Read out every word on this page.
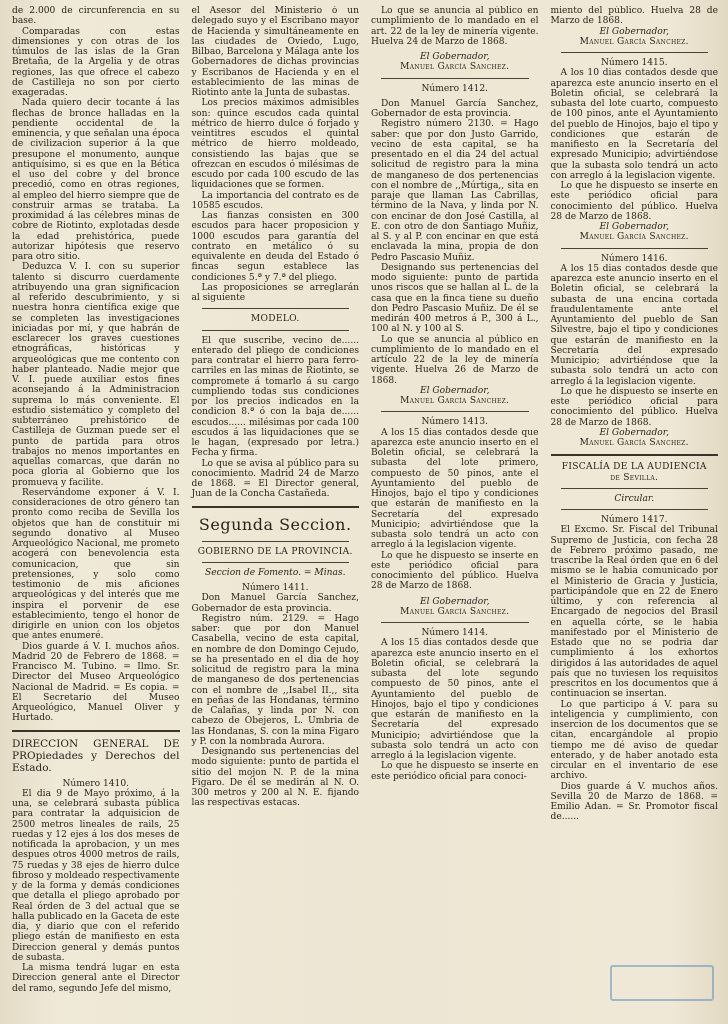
de 2.000 de circunferencia en su base.

Comparadas con estas dimensiones y con otras de los túmulos de las islas de la Gran Bretaña, de la Argelia y de otras regiones, las que ofrece el cabezo de Castilleja no son por cierto exageradas.

Nada quiero decir tocante á las flechas de bronce halladas en la pendiente occidental de la eminencia, y que señalan una época de civilizacion superior á la que presupone el monumento, aunque antiquísimo, si es que en la Bética el uso del cobre y del bronce precedió, como en otras regiones, al empleo del hierro siempre que de construir armas se trataba. La proximidad á las célebres minas de cobre de Riotinto, explotadas desde la edad prehistórica, puede autorizar hipótesis que reservo para otro sitio.

Deduzca V. I. con su superior talento si discurro cuerdamente atribuyendo una gran significacion al referido descubrimiento, y si nuestra honra científica exige que se completen las investigaciones iniciadas por mí, y que habrán de esclarecer los graves cuestiones etnográficas, históricas y arqueológicas que me contento con haber planteado. Nadie mejor que V. I. puede auxiliar estos fines aconsejando á la Administracion suprema lo más conveniente. El estudio sistemático y completo del subterráneo prehistórico de Castilleja de Guzman puede ser el punto de partida para otros trabajos no menos importantes en aquellas comarcas, que darán no poca gloria al Gobierno que los promueva y facilite.

Reservándome exponer á V. I. consideraciones de otro género tan pronto como reciba de Sevilla los objetos que han de constituir mi segundo donativo al Museo Arqueológico Nacional, me prometo acogerá con benevolencia esta comunicacion, que sin pretensiones, y solo como testimonio de mis aficiones arqueológicas y del interés que me inspira el porvenir de ese establecimiento, tengo el honor de dirigirle en union con los objetos que antes enumeré.

Dios guarde á V. I. muchos años. Madrid 20 de Febrero de 1868. = Francisco M. Tubino. = Ilmo. Sr. Director del Museo Arqueológico Nacional de Madrid. = Es copia. = El Secretario del Museo Arqueológico, Manuel Oliver y Hurtado.

DIRECCION GENERAL DE PROpiedades y Derechos del Estado.

Número 1410.

El dia 9 de Mayo próximo, á la una, se celebrará subasta pública para contratar la adquisicion de 2500 metros lineales de rails, 25 ruedas y 12 ejes á los dos meses de notificada la aprobacion, y un mes despues otros 4000 metros de rails, 75 ruedas y 38 ejes de hierro dulce fibroso y moldeado respectivamente y de la forma y demás condiciones que detalla el pliego aprobado por Real órden de 3 del actual que se halla publicado en la Gaceta de este dia, y diario que con el referido pliego están de manifiesto en esta Direccion general y demás puntos de subasta.

La misma tendrá lugar en esta Direccion general ante el Director del ramo, segundo Jefe del mismo,

el Asesor del Ministerio ó un delegado suyo y el Escribano mayor de Hacienda y simultáneamente en las ciudades de Oviedo, Lugo, Bilbao, Barcelona y Málaga ante los Gobernadores de dichas provincias y Escribanos de Hacienda y en el establecimiento de las minas de Riotinto ante la Junta de subastas.

Los precios máximos admisibles son: quince escudos cada quintal métrico de hierro dulce ó forjado y veintitres escudos el quintal métrico de hierro moldeado, consistiendo las bajas que se ofrezcan en escudos ó milésimas de escudo por cada 100 escudo de las liquidaciones que se formen.

La importancia del contrato es de 10585 escudos.

Las fianzas consisten en 300 escudos para hacer proposicion y 1000 escudos para garantía del contrato en metálico ó su equivalente en deuda del Estado ó fincas segun establece las condiciones 5.ª y 7.ª del pliego.

Las proposiciones se arreglarán al siguiente

MODELO.

El que suscribe, vecino de...... enterado del pliego de condiciones para contratar el hierro para ferro-carriles en las minas de Riotinto, se compromete á tomarlo á su cargo cumpliendo todas sus condiciones por los precios indicados en la condicion 8.ª ó con la baja de...... escudos...... milésimas por cada 100 escudos á las liquidaciones que se le hagan, (expresado por letra.) Fecha y firma.

Lo que se avisa al público para su conocimiento. Madrid 24 de Marzo de 1868. = El Director general, Juan de la Concha Castañeda.

Segunda Seccion.

GOBIERNO DE LA PROVINCIA.

Seccion de Fomento. = Minas.

Número 1411.

Don Manuel García Sanchez, Gobernador de esta provincia.

Registro núm. 2129. = Hago saber: que por don Manuel Casabella, vecino de esta capital, en nombre de don Domingo Cejudo, se ha presentado en el dia de hoy solicitud de registro para la mina de manganeso de dos pertenencias con el nombre de ,,Isabel II.,, sita en peñas de las Hondanas, término de Calañas, y linda por N. con cabezo de Obejeros, L. Umbria de las Hondanas, S. con la mina Figaro y P. con la nombrada Aurora.

Designando sus pertenencias del modo siguiente: punto de partida el sitio del mojon N. P. de la mina Figaro. De él se medirán al N. O. 300 metros y 200 al N. E. fijando las respectivas estacas.

Lo que se anuncia al público en cumplimiento de lo mandado en el art. 22 de la ley de minería vigente. Huelva 24 de Marzo de 1868.

El Gobernador,

Manuel García Sanchez.

Número 1412.

Don Manuel García Sanchez, Gobernador de esta provincia.

Registro número 2130. = Hago saber: que por don Justo Garrido, vecino de esta capital, se ha presentado en el dia 24 del actual solicitud de registro para la mina de manganeso de dos pertenencias con el nombre de ,,Múrtiga,, sita en paraje que llaman Las Cabrillas, término de la Nava, y linda por N. con encinar de don José Castilla, al E. con otro de don Santiago Muñiz, al S. y al P. con encinar en que está enclavada la mina, propia de don Pedro Pascasio Muñiz.

Designando sus pertenencias del modo siguiente: punto de partida unos riscos que se hallan al L. de la casa que en la finca tiene su dueño don Pedro Pascasio Muñiz. De él se medirán 400 metros á P., 300 á L., 100 al N. y 100 al S.

Lo que se anuncia al público en cumplimiento de lo mandado en el artículo 22 de la ley de minería vigente. Huelva 26 de Marzo de 1868.

El Gobernador,

Manuel García Sanchez.

Número 1413.

A los 15 dias contados desde que aparezca este anuncio inserto en el Boletin oficial, se celebrará la subasta del lote primero, compuesto de 50 pinos, ante el Ayuntamiento del pueblo de Hinojos, bajo el tipo y condiciones que estarán de manifiesto en la Secretaría del expresado Municipio; advirtiéndose que la subasta solo tendrá un acto con arreglo á la legislacion vigente.

Lo que he dispuesto se inserte en este periódico oficial para conocimiento del público. Huelva 28 de Marzo de 1868.

El Gobernador,

Manuel García Sanchez.

Número 1414.

A los 15 dias contados desde que aparezca este anuncio inserto en el Boletin oficial, se celebrará la subasta del lote segundo compuesto de 50 pinos, ante el Ayuntamiento del pueblo de Hinojos, bajo el tipo y condiciones que estarán de manifiesto en la Secretaría del expresado Municipio; advirtiéndose que la subasta solo tendrá un acto con arreglo á la legislacion vigente.

Lo que he dispuesto se inserte en este periódico oficial para conoci-

miento del público. Huelva 28 de Marzo de 1868.

El Gobernador,

Manuel García Sanchez.

Número 1415.

A los 10 dias contados desde que aparezca este anuncio inserto en el Boletin oficial, se celebrará la subasta del lote cuarto, compuesto de 100 pinos, ante el Ayuntamiento del pueblo de Hinojos, bajo el tipo y condiciones que estarán de manifiesto en la Secretaría del expresado Municipio; advirtiéndose que la subasta solo tendrá un acto con arreglo á la legislacion vigente.

Lo que he dispuesto se inserte en este periódico oficial para conocimiento del público. Huelva 28 de Marzo de 1868.

El Gobernador,

Manuel García Sanchez.

Número 1416.

A los 15 dias contados desde que aparezca este anuncio inserto en el Boletin oficial, se celebrará la subasta de una encina cortada fraudulentamente ante el Ayuntamiento del pueblo de San Silvestre, bajo el tipo y condiciones que estarán de manifiesto en la Secretaría del expresado Municipio; advirtiéndose que la subasta solo tendrá un acto con arreglo á la legislacion vigente.

Lo que he dispuesto se inserte en este periódico oficial para conocimiento del público. Huelva 28 de Marzo de 1868.

El Gobernador,

Manuel García Sanchez.

FISCALÍA DE LA AUDIENCIA

de Sevilla.

Circular.

Número 1417.

El Excmo. Sr. Fiscal del Tribunal Supremo de Justicia, con fecha 28 de Febrero próximo pasado, me trascribe la Real órden que en 6 del mismo se le habia comunicado por el Ministerio de Gracia y Justicia, participándole que en 22 de Enero último, y con referencia al Encargado de negocios del Brasil en aquella córte, se le habia manifestado por el Ministerio de Estado que no se podria dar cumplimiento á los exhortos dirigidos á las autoridades de aquel país que no tuviesen los requisitos prescritos en los documentos que á continuacion se insertan.

Lo que participo á V. para su inteligencia y cumplimiento, con insercion de los documentos que se citan, encargándole al propio tiempo me dé aviso de quedar enterado, y de haber anotado esta circular en el inventario de ese archivo.

Dios guarde á V. muchos años. Sevilla 20 de Marzo de 1868. = Emilio Adan. = Sr. Promotor fiscal de......
